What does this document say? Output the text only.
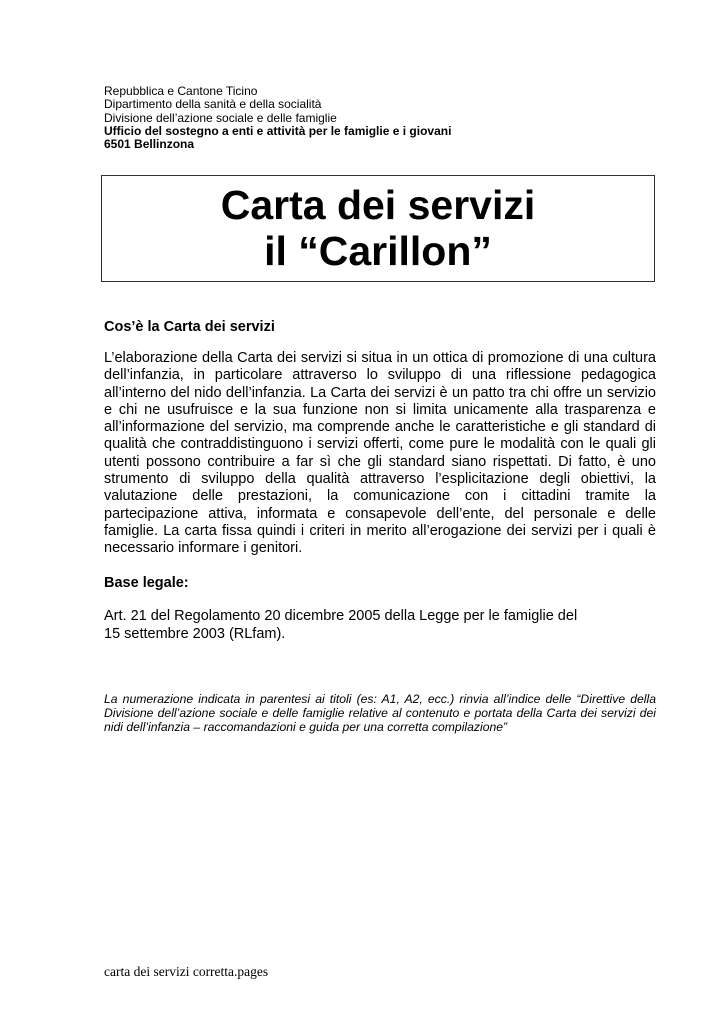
Repubblica e Cantone Ticino
Dipartimento della sanità e della socialità
Divisione dell’azione sociale e delle famiglie
Ufficio del sostegno a enti e attività per le famiglie e i giovani
6501 Bellinzona
Carta dei servizi
il “Carillon”
Cos’è la Carta dei servizi
L’elaborazione della Carta dei servizi si situa in un ottica di promozione di una cultura dell’infanzia, in particolare attraverso lo sviluppo di una riflessione pedagogica all’interno del nido dell’infanzia. La Carta dei servizi è un patto tra chi offre un servizio e chi ne usufruisce e la sua funzione non si limita unicamente alla trasparenza e all’informazione del servizio, ma comprende anche le caratteristiche e gli standard di qualità che contraddistinguono i servizi offerti, come pure le modalità con le quali gli utenti possono contribuire a far sì che gli standard siano rispettati. Di fatto, è uno strumento di sviluppo della qualità attraverso l’esplicitazione degli obiettivi, la valutazione delle prestazioni, la comunicazione con i cittadini tramite la partecipazione attiva, informata e consapevole dell’ente, del personale e delle famiglie. La carta fissa quindi i criteri in merito all’erogazione dei servizi per i quali è necessario informare i genitori.
Base legale:
Art. 21 del Regolamento 20 dicembre 2005 della Legge per le famiglie del
15 settembre 2003 (RLfam).
La numerazione indicata in parentesi ai titoli (es: A1, A2, ecc.) rinvia all’indice delle “Direttive della Divisione dell’azione sociale e delle famiglie relative al contenuto e portata della Carta dei servizi dei nidi dell’infanzia – raccomandazioni e guida per una corretta compilazione”
carta dei servizi corretta.pages
